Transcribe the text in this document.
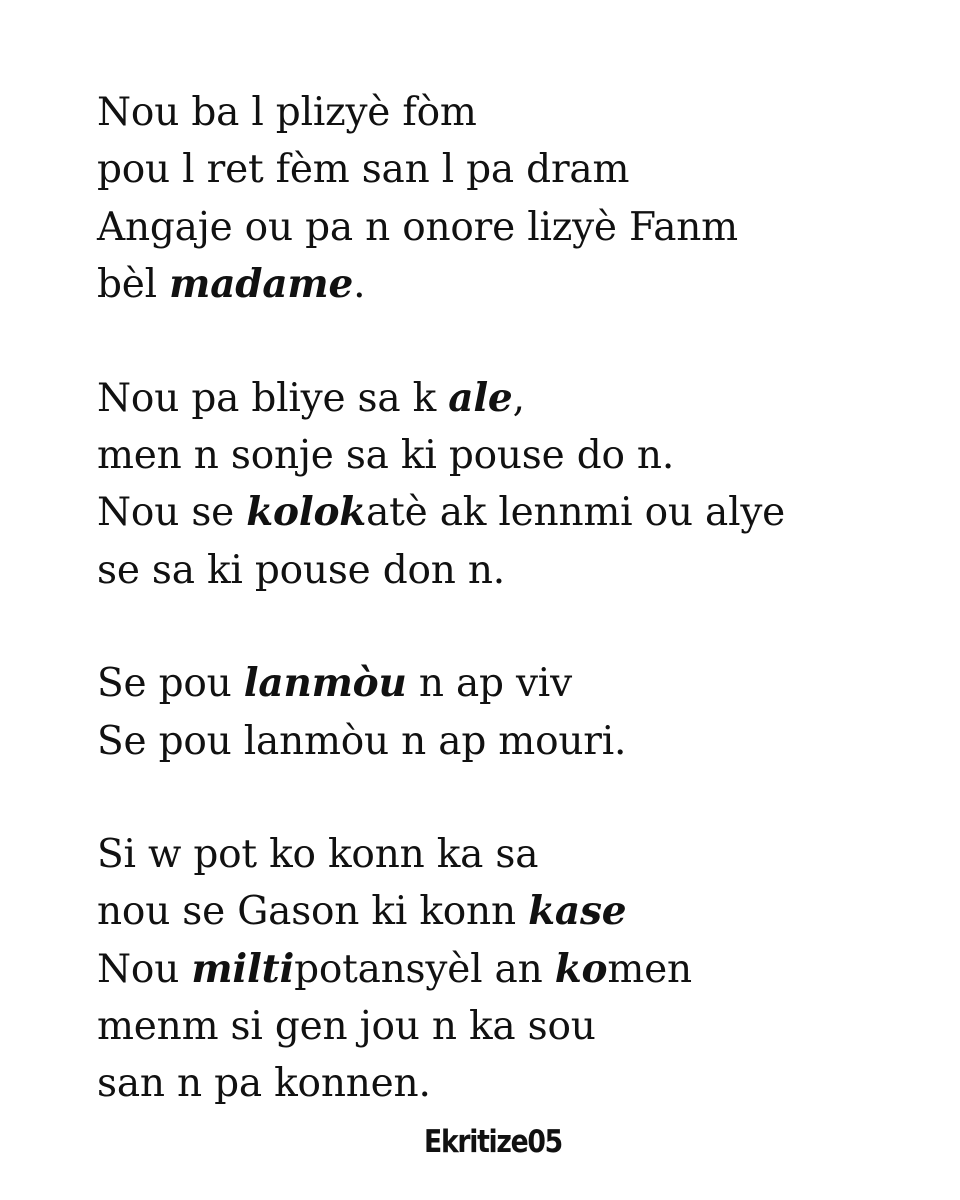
Nou ba l plizyè fòm
pou l ret fèm san l pa dram
Angaje ou pa n onore lizyè Fanm
bèl madame.
Nou pa bliye sa k ale,
men n sonje sa ki pouse do n.
Nou se kolokatè ak lennmi ou alye
se sa ki pouse don n.
Se pou lanmòu n ap viv
Se pou lanmòu n ap mouri.
Si w pot ko konn ka sa
nou se Gason ki konn kase
Nou miltipotansyèl an komen
menm si gen jou n ka sou
san n pa konnen.
Ekritize05
